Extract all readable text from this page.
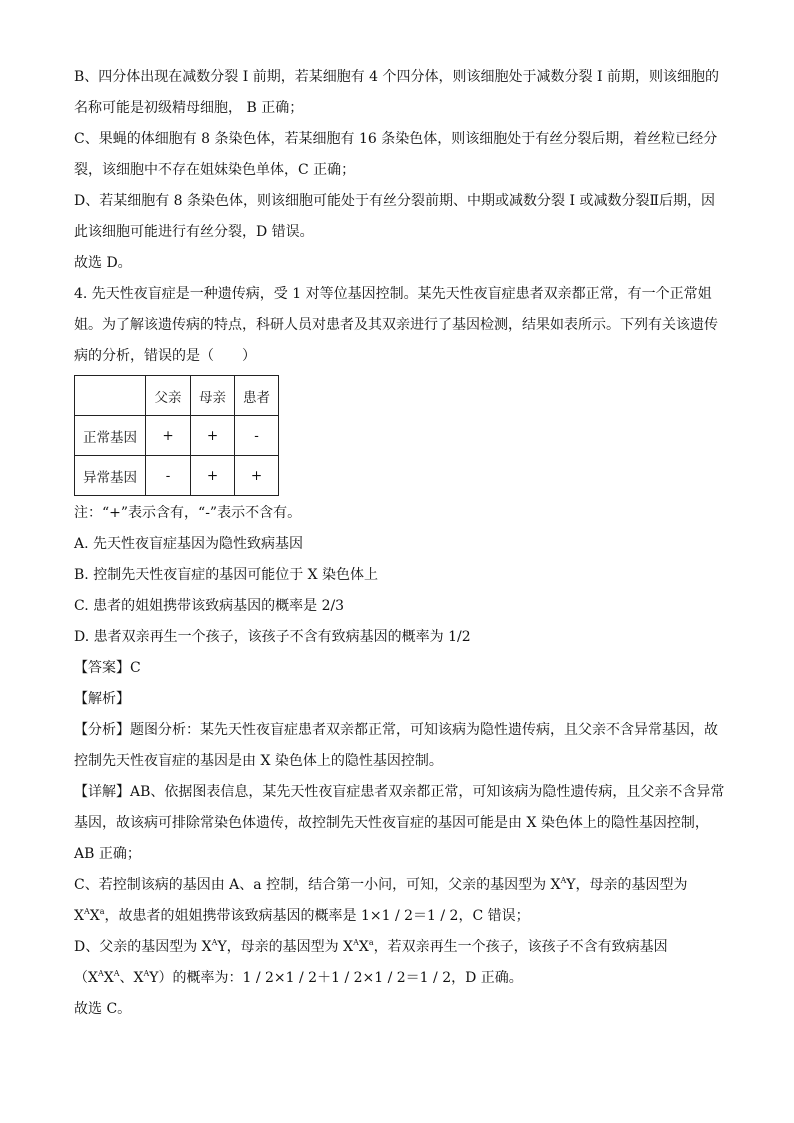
B、四分体出现在减数分裂 I 前期，若某细胞有 4 个四分体，则该细胞处于减数分裂 I 前期，则该细胞的

名称可能是初级精母细胞， B 正确；

C、果蝇的体细胞有 8 条染色体，若某细胞有 16 条染色体，则该细胞处于有丝分裂后期，着丝粒已经分

裂，该细胞中不存在姐妹染色单体，C 正确；

D、若某细胞有 8 条染色体，则该细胞可能处于有丝分裂前期、中期或减数分裂 I 或减数分裂Ⅱ后期，因

此该细胞可能进行有丝分裂，D 错误。

故选 D。

4. 先天性夜盲症是一种遗传病，受 1 对等位基因控制。某先天性夜盲症患者双亲都正常，有一个正常姐

姐。为了解该遗传病的特点，科研人员对患者及其双亲进行了基因检测，结果如表所示。下列有关该遗传

病的分析，错误的是（　　）

	父亲	母亲	患者
正常基因	+	+	-
异常基因	-	+	+

注：“+”表示含有，“-”表示不含有。

A. 先天性夜盲症基因为隐性致病基因

B. 控制先天性夜盲症的基因可能位于 X 染色体上

C. 患者的姐姐携带该致病基因的概率是 2/3

D. 患者双亲再生一个孩子，该孩子不含有致病基因的概率为 1/2

【答案】C

【解析】

【分析】题图分析：某先天性夜盲症患者双亲都正常，可知该病为隐性遗传病，且父亲不含异常基因，故

控制先天性夜盲症的基因是由 X 染色体上的隐性基因控制。

【详解】AB、依据图表信息，某先天性夜盲症患者双亲都正常，可知该病为隐性遗传病，且父亲不含异常

基因，故该病可排除常染色体遗传，故控制先天性夜盲症的基因可能是由 X 染色体上的隐性基因控制，

AB 正确；

C、若控制该病的基因由 A、a 控制，结合第一小问，可知，父亲的基因型为 $X^AY$，母亲的基因型为

$X^AX^a$，故患者的姐姐携带该致病基因的概率是 1×1 / 2＝1 / 2，C 错误；

D、父亲的基因型为 $X^AY$，母亲的基因型为 $X^AX^a$，若双亲再生一个孩子，该孩子不含有致病基因

（$X^AX^A$、$X^AY$）的概率为：1 / 2×1 / 2＋1 / 2×1 / 2＝1 / 2，D 正确。

故选 C。
